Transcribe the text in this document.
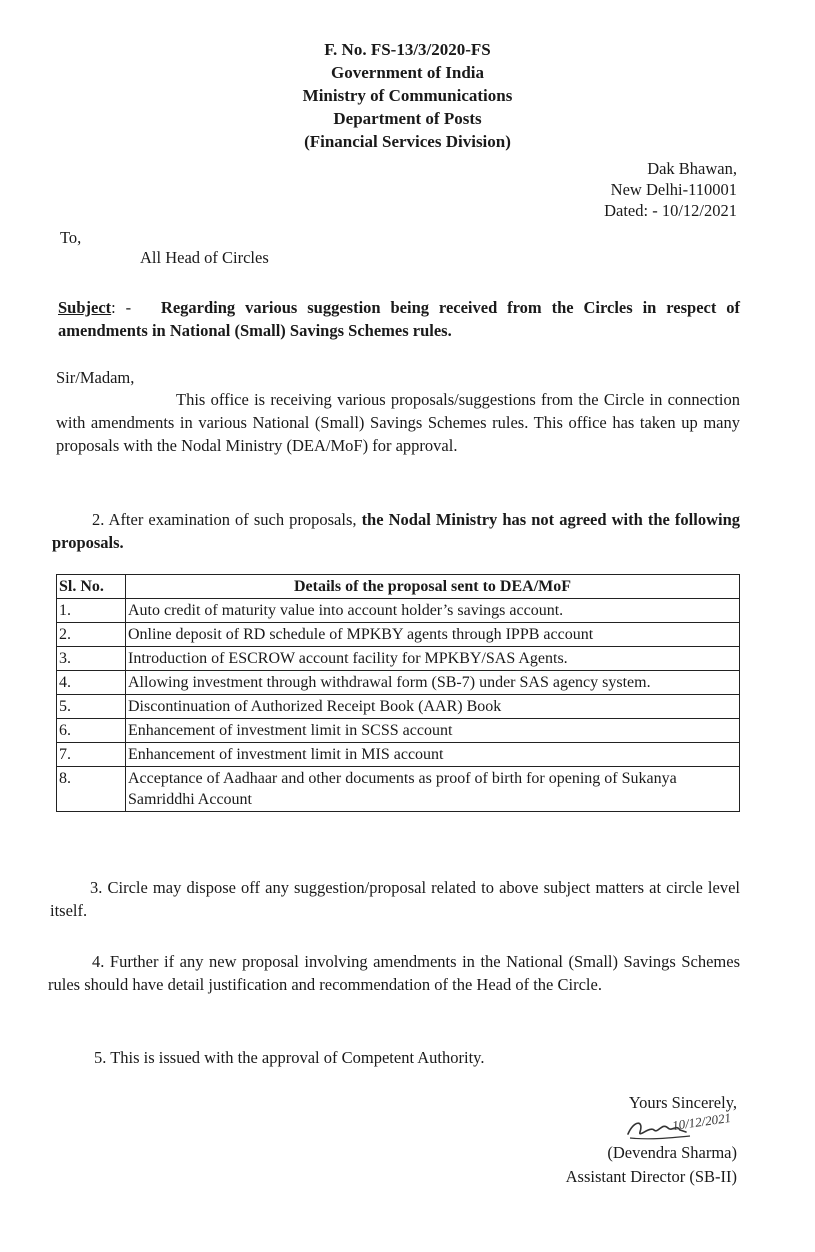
F. No. FS-13/3/2020-FS
Government of India
Ministry of Communications
Department of Posts
(Financial Services Division)
Dak Bhawan,
New Delhi-110001
Dated: - 10/12/2021
To,
All Head of Circles
Subject: - Regarding various suggestion being received from the Circles in respect of amendments in National (Small) Savings Schemes rules.
Sir/Madam,
This office is receiving various proposals/suggestions from the Circle in connection with amendments in various National (Small) Savings Schemes rules. This office has taken up many proposals with the Nodal Ministry (DEA/MoF) for approval.
2. After examination of such proposals, the Nodal Ministry has not agreed with the following proposals.
Sl. No.	Details of the proposal sent to DEA/MoF
1.	Auto credit of maturity value into account holder’s savings account.
2.	Online deposit of RD schedule of MPKBY agents through IPPB account
3.	Introduction of ESCROW account facility for MPKBY/SAS Agents.
4.	Allowing investment through withdrawal form (SB-7) under SAS agency system.
5.	Discontinuation of Authorized Receipt Book (AAR) Book
6.	Enhancement of investment limit in SCSS account
7.	Enhancement of investment limit in MIS account
8.	Acceptance of Aadhaar and other documents as proof of birth for opening of Sukanya Samriddhi Account
3. Circle may dispose off any suggestion/proposal related to above subject matters at circle level itself.
4. Further if any new proposal involving amendments in the National (Small) Savings Schemes rules should have detail justification and recommendation of the Head of the Circle.
5. This is issued with the approval of Competent Authority.
Yours Sincerely,
10/12/2021
(Devendra Sharma)
Assistant Director (SB-II)
